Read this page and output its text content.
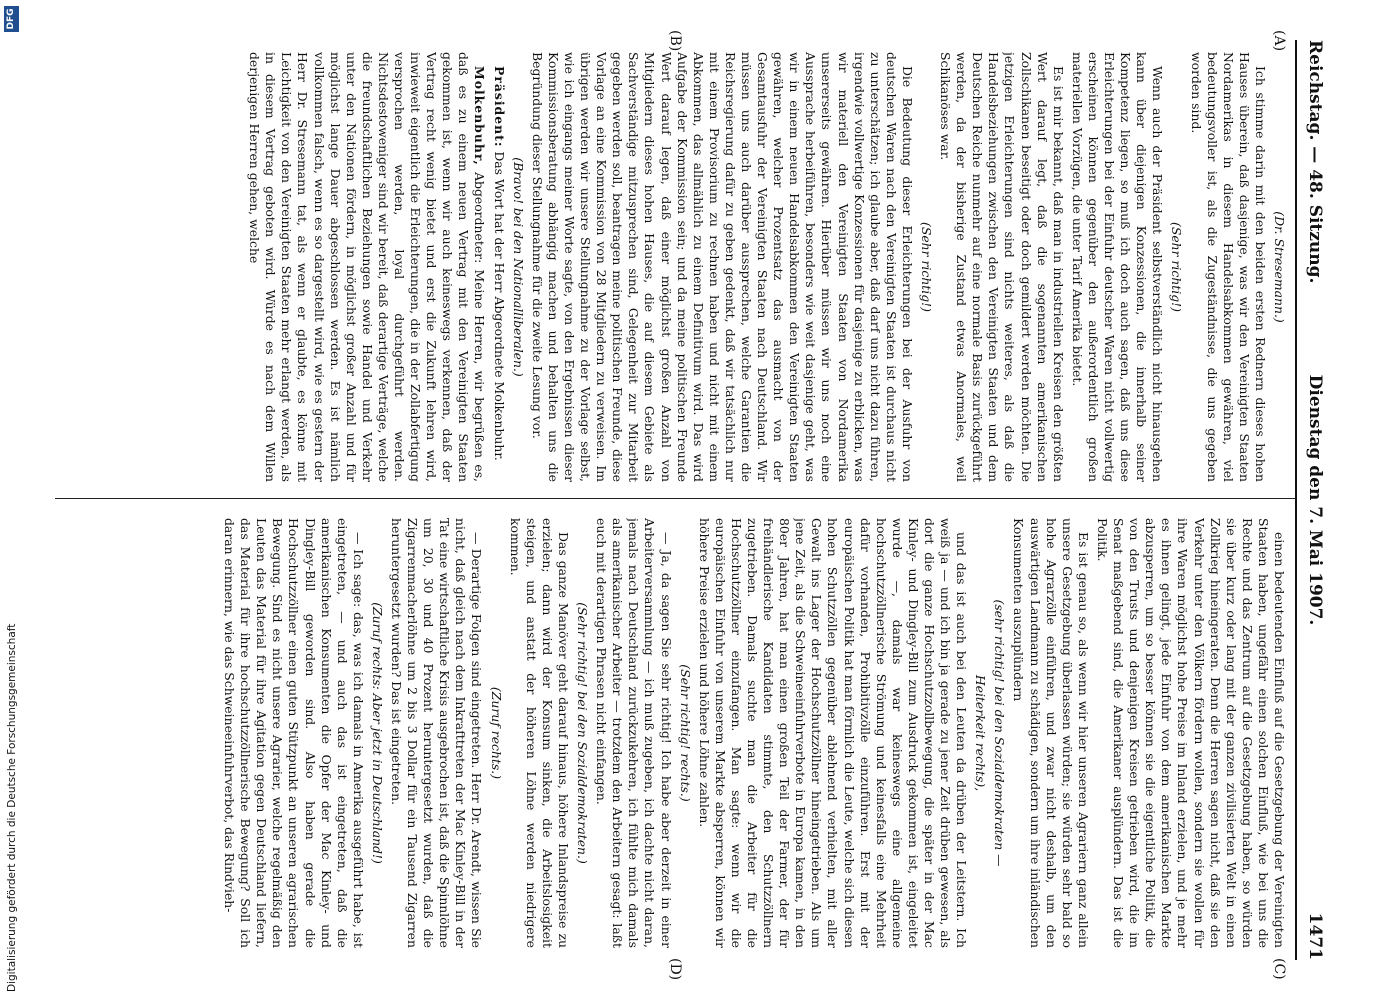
Reichstag. — 48. Sitzung.
Dienstag den 7. Mai 1907.
1471
(A)
(B)
(C)
(D)

(Dr. Stresemann.)

Ich stimme darin mit den beiden ersten Rednern dieses hohen Hauses überein, daß dasjenige, was wir den Vereinigten Staaten Nordamerikas in diesem Handelsabkommen gewähren, viel bedeutungsvoller ist, als die Zugeständnisse, die uns gegeben worden sind.

(Sehr richtig!)

Wenn auch der Präsident selbstverständlich nicht hinausgehen kann über diejenigen Konzessionen, die innerhalb seiner Kompetenz liegen, so muß ich doch auch sagen, daß uns diese Erleichterungen bei der Einfuhr deutscher Waren nicht vollwertig erscheinen können gegenüber den außerordentlich großen materiellen Vorzügen, die unter Tarif Amerika bietet.

Es ist mir bekannt, daß man in industriellen Kreisen den größten Wert darauf legt, daß die sogenannten amerikanischen Zollschikanen beseitigt oder doch gemildert werden möchten. Die jetzigen Erleichterungen sind nichts weiteres, als daß die Handelsbeziehungen zwischen den Vereinigten Staaten und dem Deutschen Reiche nunmehr auf eine normale Basis zurückgeführt werden, da der bisherige Zustand etwas Anormales, weil Schikanöses war.

(Sehr richtig!)

Die Bedeutung dieser Erleichterungen bei der Ausfuhr von deutschen Waren nach den Vereinigten Staaten ist durchaus nicht zu unterschätzen; ich glaube aber, daß darf uns nicht dazu führen, irgendwie vollwertige Konzessionen für dasjenige zu erblicken, was wir materiell den Vereinigten Staaten von Nordamerika unsererseits gewähren. Hierüber müssen wir uns noch eine Aussprache herbeiführen, besonders wie weit dasjenige geht, was wir in einem neuen Handelsabkommen den Vereinigten Staaten gewähren, welcher Prozentsatz das ausmacht von der Gesamtausfuhr der Vereinigten Staaten nach Deutschland. Wir müssen uns auch darüber aussprechen, welche Garantien die Reichsregierung dafür zu geben gedenkt, daß wir tatsächlich nur mit einem Provisorium zu rechnen haben und nicht mit einem Abkommen, das allmählich zu einem Definitivum wird. Das wird Aufgabe der Kommission sein; und da meine politischen Freunde Wert darauf legen, daß einer möglichst großen Anzahl von Mitgliedern dieses hohen Hauses, die auf diesem Gebiete als Sachverständige mitzusprechen sind, Gelegenheit zur Mitarbeit gegeben werden soll, beantragen meine politischen Freunde, diese Vorlage an eine Kommission von 28 Mitgliedern zu verweisen. Im übrigen werden wir unsere Stellungnahme zu der Vorlage selbst, wie ich eingangs meiner Worte sagte, von den Ergebnissen dieser Kommissionsberatung abhängig machen und behalten uns die Begründung dieser Stellungnahme für die zweite Lesung vor.

(Bravo! bei den Nationalliberalen.)

Präsident: Das Wort hat der Herr Abgeordnete Molkenbuhr.

Molkenbuhr, Abgeordneter: Meine Herren, wir begrüßen es, daß es zu einem neuen Vertrag mit den Vereinigten Staaten gekommen ist, wenn wir auch keineswegs verkennen, daß der Vertrag recht wenig bietet und erst die Zukunft lehren wird, inwieweit eigentlich die Erleichterungen, die in der Zollabfertigung versprochen werden, loyal durchgeführt werden. Nichtsdestoweniger sind wir bereit, daß derartige Verträge, welche die freundschaftlichen Beziehungen sowie Handel und Verkehr unter den Nationen fördern, in möglichst großer Anzahl und für möglichst lange Dauer abgeschlossen werden. Es ist nämlich vollkommen falsch, wenn es so dargestellt wird, wie es gestern der Herr Dr. Stresemann tat, als wenn er glaubte, es könne mit Leichtigkeit von den Vereinigten Staaten mehr erlangt werden, als in diesem Vertrag geboten wird. Würde es nach dem Willen derjenigen Herren gehen, welche

einen bedeutenden Einfluß auf die Gesetzgebung der Vereinigten Staaten haben, ungefähr einen solchen Einfluß, wie bei uns die Rechte und das Zentrum auf die Gesetzgebung haben, so würden sie über kurz oder lang mit der ganzen zivilisierten Welt in einen Zollkrieg hineingeraten. Denn die Herren sagen nicht, daß sie den Verkehr unter den Völkern fördern wollen, sondern sie wollen für ihre Waren möglichst hohe Preise im Inland erzielen, und je mehr es ihnen gelingt, jede Einfuhr von dem amerikanischen Markte abzusperren, um so besser können sie die eigentliche Politik, die von den Trusts und denjenigen Kreisen getrieben wird, die im Senat maßgebend sind, die Amerikaner ausplündern. Das ist die Politik.

Es ist genau so, als wenn wir hier unseren Agrariern ganz allein unsere Gesetzgebung überlassen würden; sie würden sehr bald so hohe Agrarzölle einführen, und zwar nicht deshalb, um den auswärtigen Landmann zu schädigen, sondern um ihre inländischen Konsumenten auszuplündern

(sehr richtig! bei den Sozialdemokraten —

Heiterkeit rechts),

und das ist auch bei den Leuten da drüben der Leitstern. Ich weiß ja — und ich bin ja gerade zu jener Zeit drüben gewesen, als dort die ganze Hochschutzzollbewegung, die später in der Mac Kinley- und Dingley-Bill zum Ausdruck gekommen ist, eingeleitet wurde —, damals war keineswegs eine allgemeine hochschutzzöllnerische Strömung und keinesfalls eine Mehrheit dafür vorhanden, Prohibitivzölle einzuführen. Erst mit der europäischen Politik hat man förmlich die Leute, welche sich diesen hohen Schutzzöllen gegenüber ablehnend verhielten, mit aller Gewalt ins Lager der Hochschutzzöllner hineingetrieben. Als um jene Zeit, als die Schweineeinfuhrverbote in Europa kamen, in den 80er Jahren, hat man einen großen Teil der Farmer, der für freihändlerische Kandidaten stimmte, den Schutzzöllnern zugetrieben. Damals suchte man die Arbeiter für die Hochschutzzöllner einzufangen. Man sagte: wenn wir die europäischen Einfuhr von unserem Markte absperren, können wir höhere Preise erzielen und höhere Löhne zahlen.

(Sehr richtig! rechts.)

— Ja, da sagen Sie sehr richtig! Ich habe aber derzeit in einer Arbeiterversammlung — ich muß zugeben, ich dachte nicht daran, jemals nach Deutschland zurückzukehren, ich fühlte mich damals als amerikanischer Arbeiter — trotzdem den Arbeitern gesagt: laßt euch mit derartigen Phrasen nicht einfangen.

(Sehr richtig! bei den Sozialdemokraten.)

Das ganze Manöver geht darauf hinaus, höhere Inlandspreise zu erzielen; dann wird der Konsum sinken, die Arbeitslosigkeit steigen, und anstatt der höheren Löhne werden niedrigere kommen.

(Zuruf rechts.)

— Derartige Folgen sind eingetreten. Herr Dr. Arendt, wissen Sie nicht, daß gleich nach dem Inkrafttreten der Mac Kinley-Bill in der Tat eine wirtschaftliche Krisis ausgebrochen ist, daß die Spinnlöhne um 20, 30 und 40 Prozent heruntergesetzt wurden, daß die Zigarrenmacherlöhne um 2 bis 3 Dollar für ein Tausend Zigarren heruntergesetzt wurden? Das ist eingetreten.

(Zuruf rechts: Aber jetzt in Deutschland!)

— Ich sage: das, was ich damals in Amerika ausgeführt habe, ist eingetreten, — und auch das ist eingetreten, daß die amerikanischen Konsumenten die Opfer der Mac Kinley- und Dingley-Bill geworden sind. Also haben gerade die Hochschutzzöllner einen guten Stützpunkt an unseren agrarischen Bewegung. Sind es nicht unsere Agrarier, welche regelmäßig den Leuten das Material für ihre Agitation gegen Deutschland liefern, das Material für ihre hochschutzzöllnerische Bewegung? Soll ich daran erinnern, wie das Schweineeinfuhrverbot, das Rindvieh-

Digitalisierung gefördert durch die Deutsche Forschungsgemeinschaft
DFG
